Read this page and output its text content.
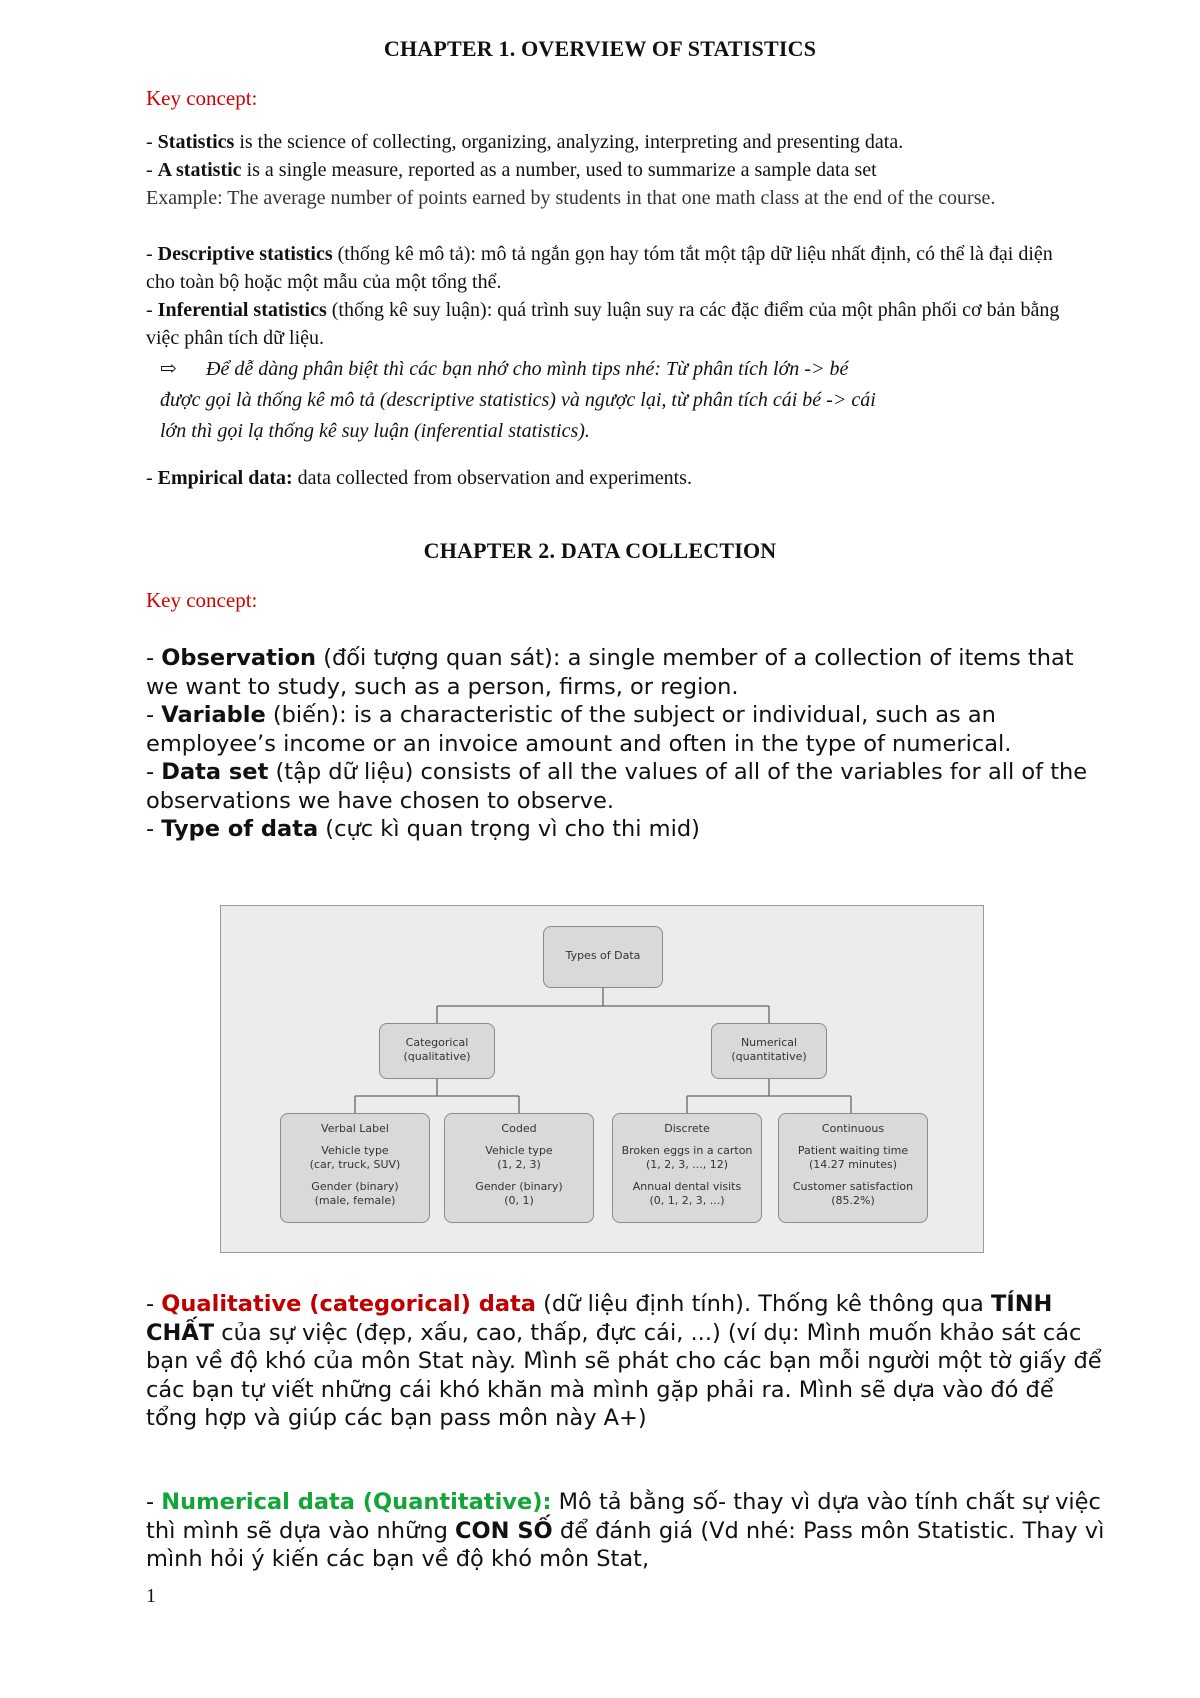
CHAPTER 1. OVERVIEW OF STATISTICS
Key concept:
- Statistics is the science of collecting, organizing, analyzing, interpreting and presenting data.
- A statistic is a single measure, reported as a number, used to summarize a sample data set
Example: The average number of points earned by students in that one math class at the end of the course.
- Descriptive statistics (thống kê mô tả): mô tả ngắn gọn hay tóm tắt một tập dữ liệu nhất định, có thể là đại diện cho toàn bộ hoặc một mẫu của một tổng thể.
- Inferential statistics (thống kê suy luận): quá trình suy luận suy ra các đặc điểm của một phân phối cơ bản bằng việc phân tích dữ liệu.
⇨ Để dễ dàng phân biệt thì các bạn nhớ cho mình tips nhé: Từ phân tích lớn -> bé
được gọi là thống kê mô tả (descriptive statistics) và ngược lại, từ phân tích cái bé -> cái
lớn thì gọi lạ thống kê suy luận (inferential statistics).
- Empirical data: data collected from observation and experiments.
CHAPTER 2. DATA COLLECTION
Key concept:
- Observation (đối tượng quan sát): a single member of a collection of items that we want to study, such as a person, firms, or region.
- Variable (biến): is a characteristic of the subject or individual, such as an employee’s income or an invoice amount and often in the type of numerical.
- Data set (tập dữ liệu) consists of all the values of all of the variables for all of the observations we have chosen to observe.
- Type of data (cực kì quan trọng vì cho thi mid)
Types of Data
Categorical
(qualitative)
Numerical
(quantitative)
Verbal Label
Vehicle type
(car, truck, SUV)
Gender (binary)
(male, female)
Coded
Vehicle type
(1, 2, 3)
Gender (binary)
(0, 1)
Discrete
Broken eggs in a carton
(1, 2, 3, ..., 12)
Annual dental visits
(0, 1, 2, 3, ...)
Continuous
Patient waiting time
(14.27 minutes)
Customer satisfaction
(85.2%)
- Qualitative (categorical) data (dữ liệu định tính). Thống kê thông qua TÍNH CHẤT của sự việc (đẹp, xấu, cao, thấp, đực cái, ...) (ví dụ: Mình muốn khảo sát các bạn về độ khó của môn Stat này. Mình sẽ phát cho các bạn mỗi người một tờ giấy để các bạn tự viết những cái khó khăn mà mình gặp phải ra. Mình sẽ dựa vào đó để tổng hợp và giúp các bạn pass môn này A+)
- Numerical data (Quantitative): Mô tả bằng số- thay vì dựa vào tính chất sự việc thì mình sẽ dựa vào những CON SỐ để đánh giá (Vd nhé: Pass môn Statistic. Thay vì mình hỏi ý kiến các bạn về độ khó môn Stat,
1
